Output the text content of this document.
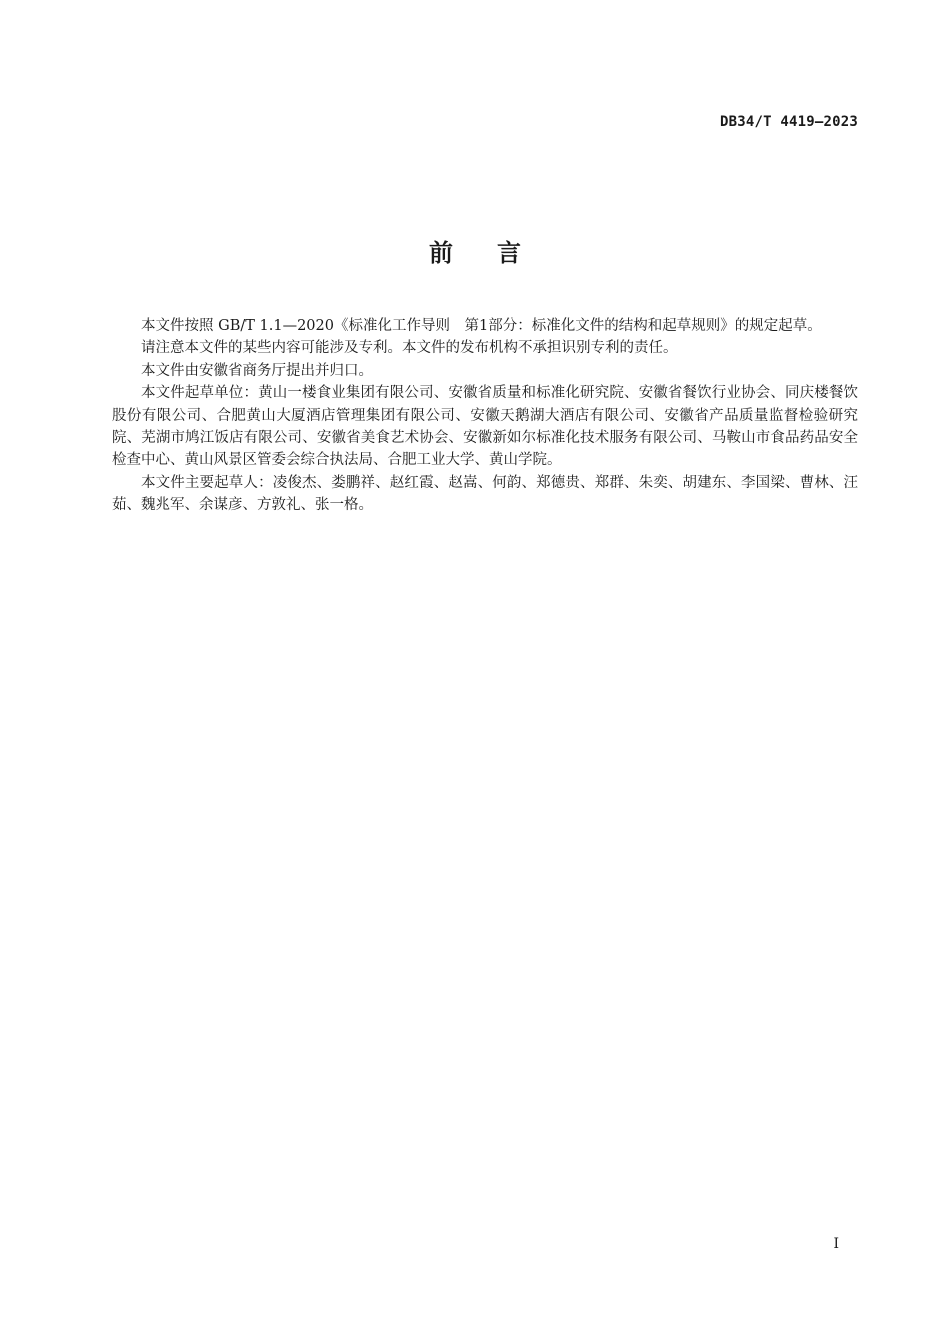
DB34/T 4419—2023
前言

本文件按照 GB/T 1.1—2020《标准化工作导则　第1部分：标准化文件的结构和起草规则》的规定起草。

请注意本文件的某些内容可能涉及专利。本文件的发布机构不承担识别专利的责任。

本文件由安徽省商务厅提出并归口。

本文件起草单位：黄山一楼食业集团有限公司、安徽省质量和标准化研究院、安徽省餐饮行业协会、同庆楼餐饮股份有限公司、合肥黄山大厦酒店管理集团有限公司、安徽天鹅湖大酒店有限公司、安徽省产品质量监督检验研究院、芜湖市鸠江饭店有限公司、安徽省美食艺术协会、安徽新如尔标准化技术服务有限公司、马鞍山市食品药品安全检查中心、黄山风景区管委会综合执法局、合肥工业大学、黄山学院。

本文件主要起草人：凌俊杰、娄鹏祥、赵红霞、赵嵩、何韵、郑德贵、郑群、朱奕、胡建东、李国梁、曹林、汪茹、魏兆军、余谋彦、方敦礼、张一格。

I
